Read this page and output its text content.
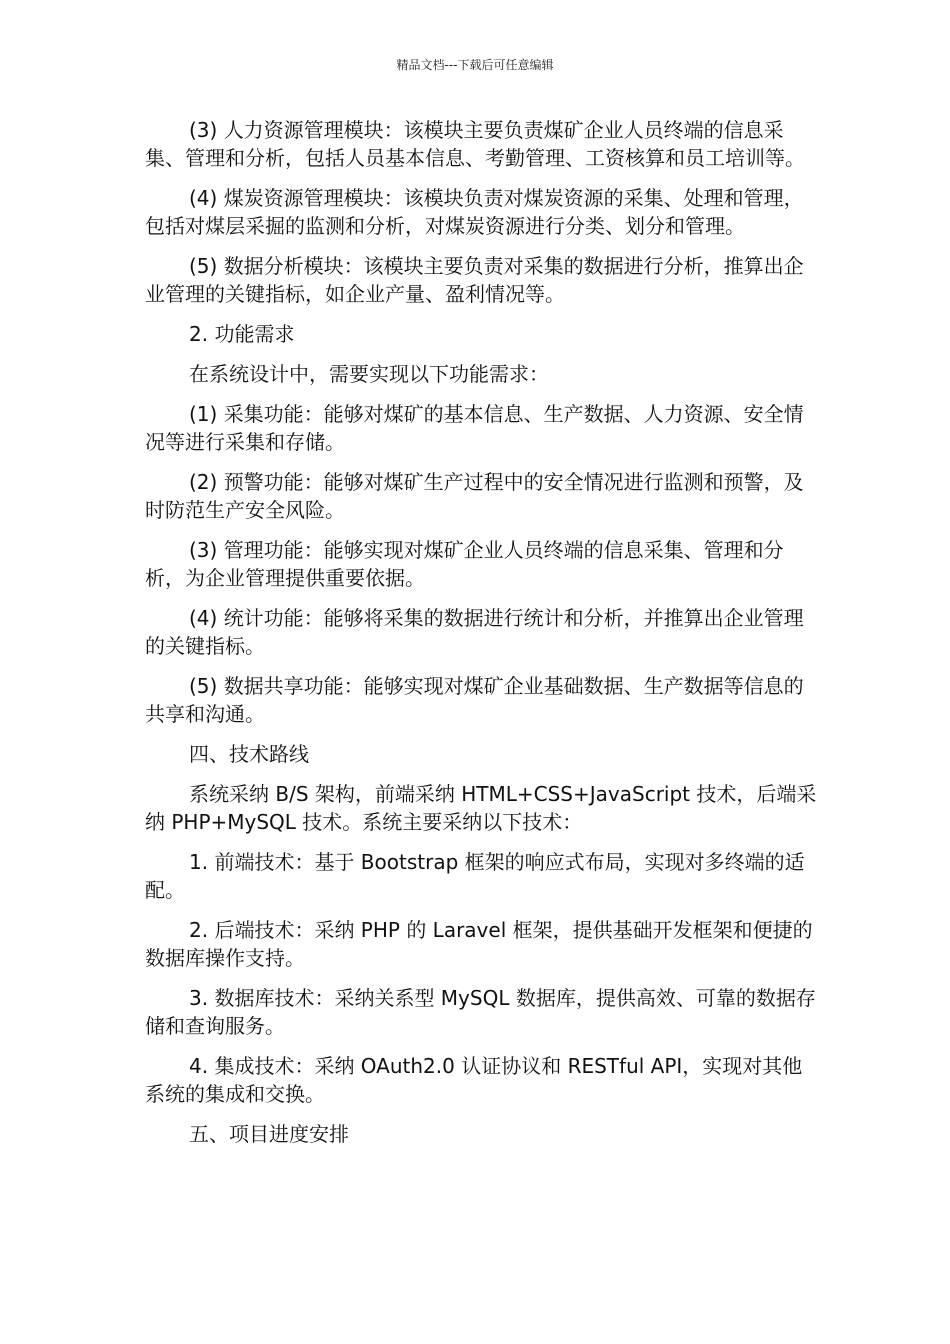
精品文档---下载后可任意编辑

(3) 人力资源管理模块：该模块主要负责煤矿企业人员终端的信息采集、管理和分析，包括人员基本信息、考勤管理、工资核算和员工培训等。

(4) 煤炭资源管理模块：该模块负责对煤炭资源的采集、处理和管理，包括对煤层采掘的监测和分析，对煤炭资源进行分类、划分和管理。

(5) 数据分析模块：该模块主要负责对采集的数据进行分析，推算出企业管理的关键指标，如企业产量、盈利情况等。

2. 功能需求

在系统设计中，需要实现以下功能需求：

(1) 采集功能：能够对煤矿的基本信息、生产数据、人力资源、安全情况等进行采集和存储。

(2) 预警功能：能够对煤矿生产过程中的安全情况进行监测和预警，及时防范生产安全风险。

(3) 管理功能：能够实现对煤矿企业人员终端的信息采集、管理和分析，为企业管理提供重要依据。

(4) 统计功能：能够将采集的数据进行统计和分析，并推算出企业管理的关键指标。

(5) 数据共享功能：能够实现对煤矿企业基础数据、生产数据等信息的共享和沟通。

四、技术路线

系统采纳 B/S 架构，前端采纳 HTML+CSS+JavaScript 技术，后端采纳 PHP+MySQL 技术。系统主要采纳以下技术：

1. 前端技术：基于 Bootstrap 框架的响应式布局，实现对多终端的适配。

2. 后端技术：采纳 PHP 的 Laravel 框架，提供基础开发框架和便捷的数据库操作支持。

3. 数据库技术：采纳关系型 MySQL 数据库，提供高效、可靠的数据存储和查询服务。

4. 集成技术：采纳 OAuth2.0 认证协议和 RESTful API，实现对其他系统的集成和交换。

五、项目进度安排
